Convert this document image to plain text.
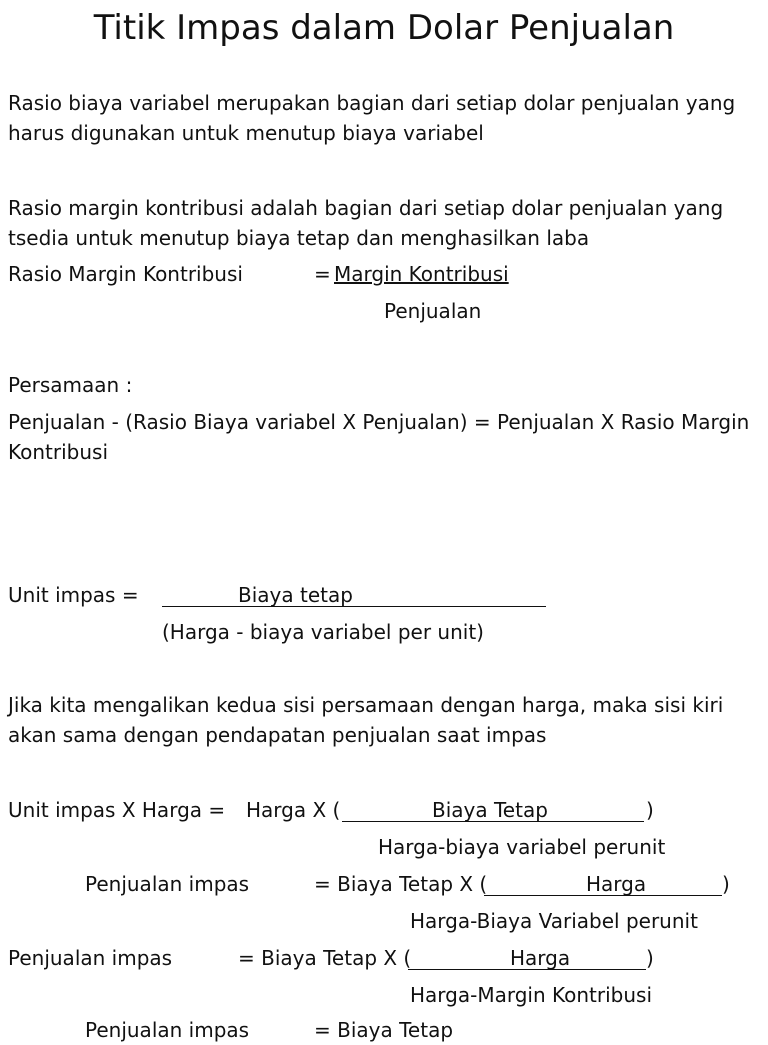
Titik Impas dalam Dolar Penjualan
Rasio biaya variabel merupakan bagian dari setiap dolar penjualan yang harus digunakan untuk menutup biaya variabel
Rasio margin kontribusi adalah bagian dari setiap dolar penjualan yang tsedia untuk menutup biaya tetap dan menghasilkan laba
Rasio Margin Kontribusi	= Margin Kontribusi
Penjualan
Persamaan :
Penjualan - (Rasio Biaya variabel X Penjualan) = Penjualan X Rasio Margin Kontribusi
Unit impas =	Biaya tetap
(Harga - biaya variabel per unit)
Jika kita mengalikan kedua sisi persamaan dengan harga, maka sisi kiri akan sama dengan pendapatan penjualan saat impas
Unit impas X Harga = Harga X (	Biaya Tetap	)
Harga-biaya variabel perunit
Penjualan impas	= Biaya Tetap X (	Harga	)
Harga-Biaya Variabel perunit
Penjualan impas	= Biaya Tetap X (	Harga	)
Harga-Margin Kontribusi
Penjualan impas	= Biaya Tetap
